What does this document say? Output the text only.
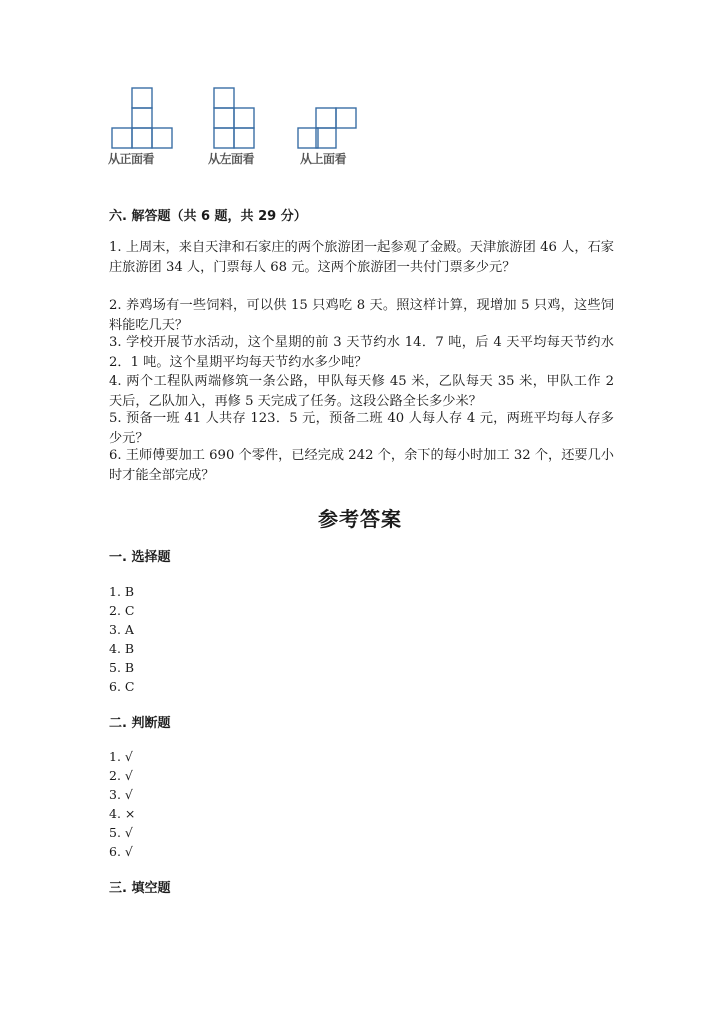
从正面看	从左面看	从上面看
六. 解答题（共 6 题，共 29 分）
1. 上周末，来自天津和石家庄的两个旅游团一起参观了金殿。天津旅游团 46 人，石家庄旅游团 34 人，门票每人 68 元。这两个旅游团一共付门票多少元？
2. 养鸡场有一些饲料，可以供 15 只鸡吃 8 天。照这样计算，现增加 5 只鸡，这些饲料能吃几天？
3. 学校开展节水活动，这个星期的前 3 天节约水 14．7 吨，后 4 天平均每天节约水 2．1 吨。这个星期平均每天节约水多少吨？
4. 两个工程队两端修筑一条公路，甲队每天修 45 米，乙队每天 35 米，甲队工作 2 天后，乙队加入，再修 5 天完成了任务。这段公路全长多少米？
5. 预备一班 41 人共存 123．5 元，预备二班 40 人每人存 4 元，两班平均每人存多少元？
6. 王师傅要加工 690 个零件，已经完成 242 个，余下的每小时加工 32 个，还要几小时才能全部完成？
参考答案
一. 选择题
1. B
2. C
3. A
4. B
5. B
6. C
二. 判断题
1. √
2. √
3. √
4. ×
5. √
6. √
三. 填空题
